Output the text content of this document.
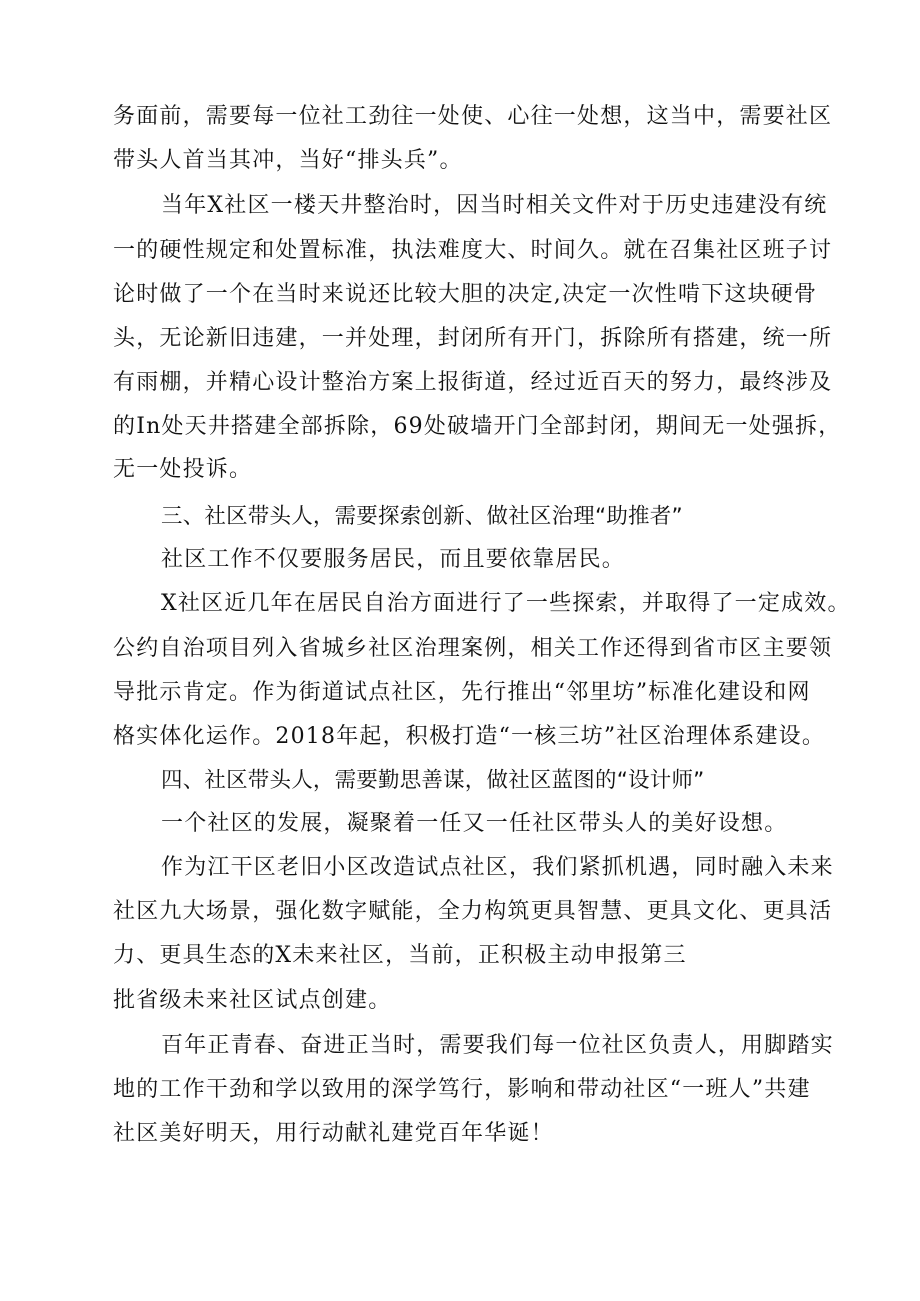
务面前，需要每一位社工劲往一处使、心往一处想，这当中，需要社区
带头人首当其冲，当好“排头兵”。
当年X社区一楼天井整治时，因当时相关文件对于历史违建没有统
一的硬性规定和处置标准，执法难度大、时间久。就在召集社区班子讨
论时做了一个在当时来说还比较大胆的决定,决定一次性啃下这块硬骨
头，无论新旧违建，一并处理，封闭所有开门，拆除所有搭建，统一所
有雨棚，并精心设计整治方案上报街道，经过近百天的努力，最终涉及
的In处天井搭建全部拆除，69处破墙开门全部封闭，期间无一处强拆，
无一处投诉。
三、社区带头人，需要探索创新、做社区治理“助推者”
社区工作不仅要服务居民，而且要依靠居民。
X社区近几年在居民自治方面进行了一些探索，并取得了一定成效。
公约自治项目列入省城乡社区治理案例，相关工作还得到省市区主要领
导批示肯定。作为街道试点社区，先行推出“邻里坊”标准化建设和网
格实体化运作。2018年起，积极打造“一核三坊”社区治理体系建设。
四、社区带头人，需要勤思善谋，做社区蓝图的“设计师”
一个社区的发展，凝聚着一任又一任社区带头人的美好设想。
作为江干区老旧小区改造试点社区，我们紧抓机遇，同时融入未来
社区九大场景，强化数字赋能，全力构筑更具智慧、更具文化、更具活
力、更具生态的X未来社区，当前，正积极主动申报第三
批省级未来社区试点创建。
百年正青春、奋进正当时，需要我们每一位社区负责人，用脚踏实
地的工作干劲和学以致用的深学笃行，影响和带动社区“一班人”共建
社区美好明天，用行动献礼建党百年华诞！
